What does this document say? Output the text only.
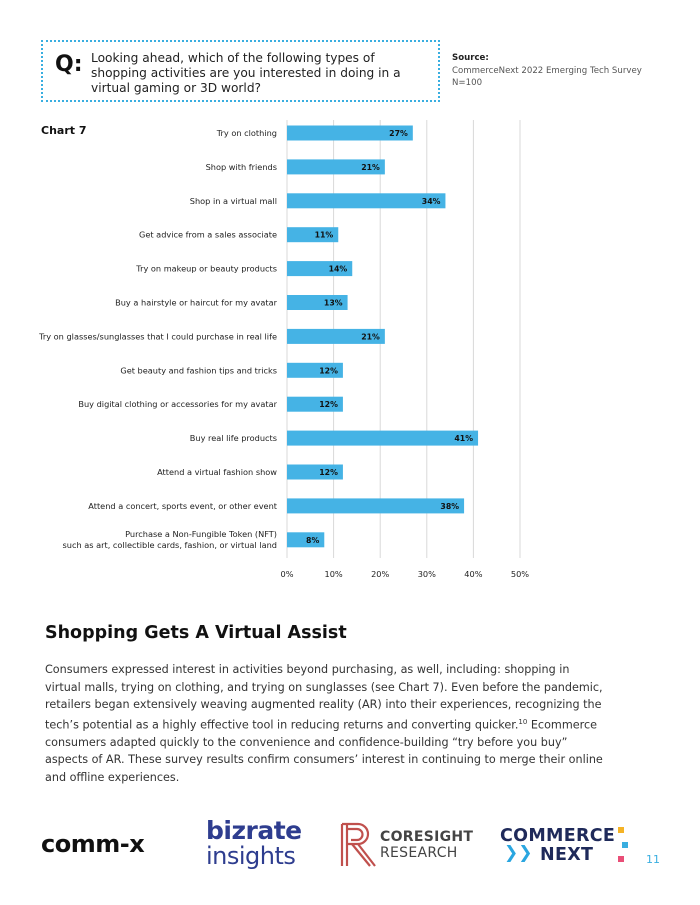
Q: Looking ahead, which of the following types of shopping activities are you interested in doing in a virtual gaming or 3D world?
Source:
CommerceNext 2022 Emerging Tech Survey
N=100
Chart 7	Try on clothing	27%
Shop with friends	21%
Shop in a virtual mall	34%
Get advice from a sales associate	11%
Try on makeup or beauty products	14%
Buy a hairstyle or haircut for my avatar	13%
Try on glasses/sunglasses that I could purchase in real life	21%
Get beauty and fashion tips and tricks	12%
Buy digital clothing or accessories for my avatar	12%
Buy real life products	41%
Attend a virtual fashion show	12%
Attend a concert, sports event, or other event	38%
Purchase a Non-Fungible Token (NFT) such as art, collectible cards, fashion, or virtual land	8%
0%	10%	20%	30%	40%	50%
Shopping Gets A Virtual Assist
Consumers expressed interest in activities beyond purchasing, as well, including: shopping in virtual malls, trying on clothing, and trying on sunglasses (see Chart 7). Even before the pandemic, retailers began extensively weaving augmented reality (AR) into their experiences, recognizing the tech’s potential as a highly effective tool in reducing returns and converting quicker.$^{10}$ Ecommerce consumers adapted quickly to the convenience and confidence-building “try before you buy” aspects of AR. These survey results confirm consumers’ interest in continuing to merge their online and offline experiences.
comm-x bizrate
insights
CORESIGHT
RESEARCH
COMMERCE
❯❯ NEXT	11
